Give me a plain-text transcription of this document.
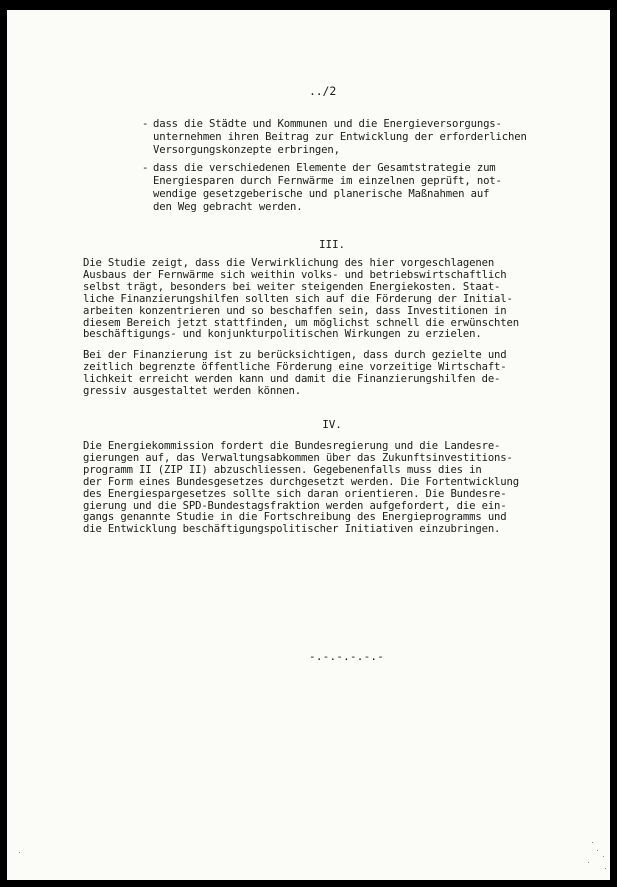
../2
- dass die Städte und Kommunen und die Energieversorgungs-
unternehmen ihren Beitrag zur Entwicklung der erforderlichen
Versorgungskonzepte erbringen,
- dass die verschiedenen Elemente der Gesamtstrategie zum
Energiesparen durch Fernwärme im einzelnen geprüft, not-
wendige gesetzgeberische und planerische Maßnahmen auf
den Weg gebracht werden.
III.

Die Studie zeigt, dass die Verwirklichung des hier vorgeschlagenen
Ausbaus der Fernwärme sich weithin volks- und betriebswirtschaftlich
selbst trägt, besonders bei weiter steigenden Energiekosten. Staat-
liche Finanzierungshilfen sollten sich auf die Förderung der Initial-
arbeiten konzentrieren und so beschaffen sein, dass Investitionen in
diesem Bereich jetzt stattfinden, um möglichst schnell die erwünschten
beschäftigungs- und konjunkturpolitischen Wirkungen zu erzielen.

Bei der Finanzierung ist zu berücksichtigen, dass durch gezielte und
zeitlich begrenzte öffentliche Förderung eine vorzeitige Wirtschaft-
lichkeit erreicht werden kann und damit die Finanzierungshilfen de-
gressiv ausgestaltet werden können.

IV.

Die Energiekommission fordert die Bundesregierung und die Landesre-
gierungen auf, das Verwaltungsabkommen über das Zukunftsinvestitions-
programm II (ZIP II) abzuschliessen. Gegebenenfalls muss dies in
der Form eines Bundesgesetzes durchgesetzt werden. Die Fortentwicklung
des Energiespargesetzes sollte sich daran orientieren. Die Bundesre-
gierung und die SPD-Bundestagsfraktion werden aufgefordert, die ein-
gangs genannte Studie in die Fortschreibung des Energieprogramms und
die Entwicklung beschäftigungspolitischer Initiativen einzubringen.

-.-.-.-.-.-
